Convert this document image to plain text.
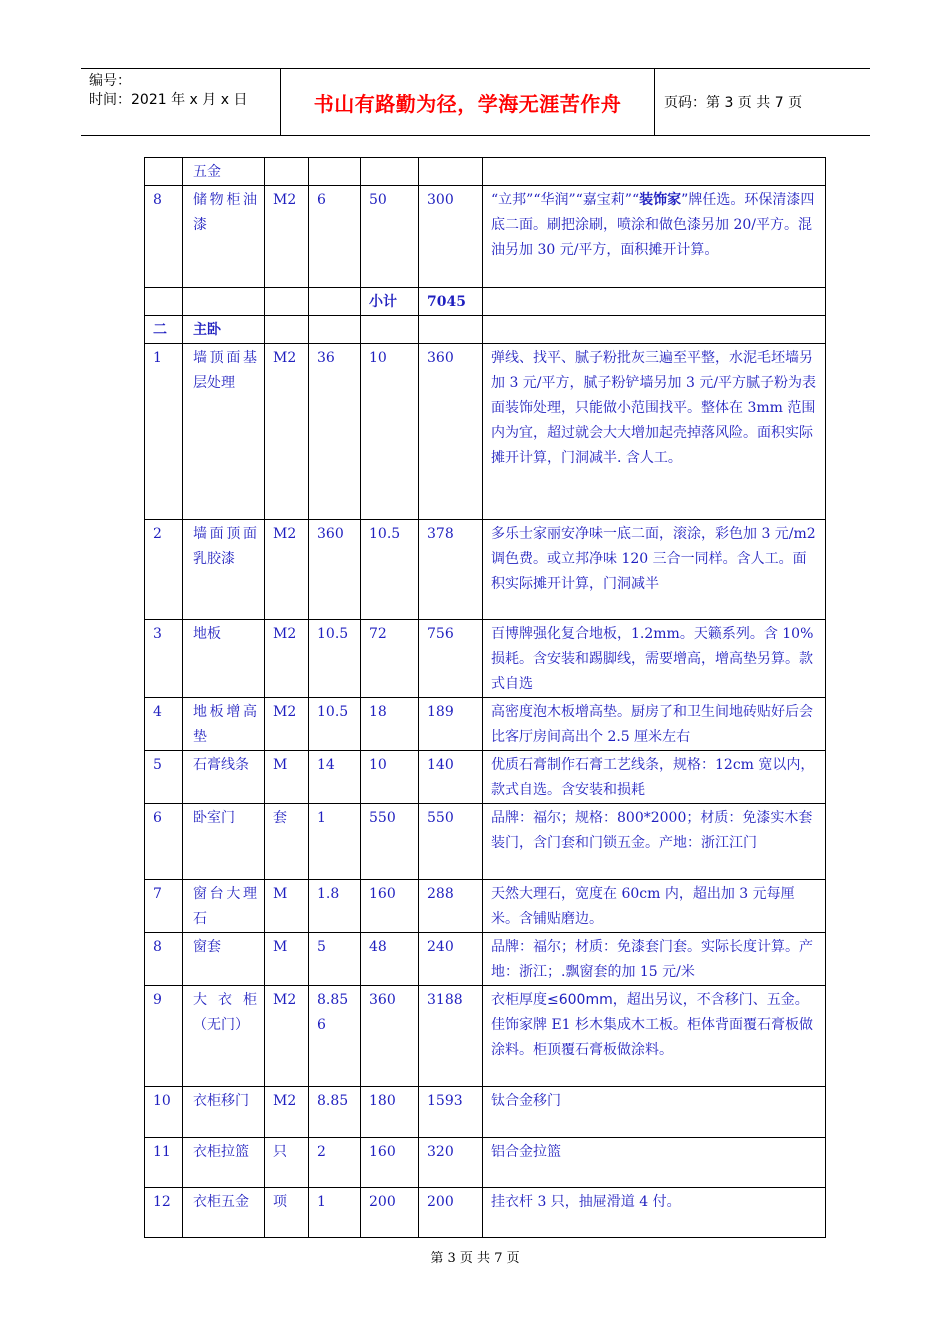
编号：
时间：2021 年 x 月 x 日	书山有路勤为径，学海无涯苦作舟	页码：第 3 页 共 7 页
	五金					
8	储物柜油漆	M2	6	50	300	“立邦”“华润”“嘉宝莉”“装饰家”牌任选。环保清漆四底二面。刷把涂刷，喷涂和做色漆另加 20/平方。混油另加 30 元/平方，面积摊开计算。
				小计	7045	
二	主卧					
1	墙顶面基层处理	M2	36	10	360	弹线、找平、腻子粉批灰三遍至平整，水泥毛坯墙另加 3 元/平方，腻子粉铲墙另加 3 元/平方腻子粉为表面装饰处理，只能做小范围找平。整体在 3mm 范围内为宜，超过就会大大增加起壳掉落风险。面积实际摊开计算，门洞减半. 含人工。
2	墙面顶面乳胶漆	M2	360	10.5	378	多乐士家丽安净味一底二面，滚涂，彩色加 3 元/m2 调色费。或立邦净味 120 三合一同样。含人工。面积实际摊开计算，门洞减半
3	地板	M2	10.5	72	756	百博牌强化复合地板，1.2mm。天籁系列。含 10%损耗。含安装和踢脚线，需要增高，增高垫另算。款式自选
4	地板增高垫	M2	10.5	18	189	高密度泡木板增高垫。厨房了和卫生间地砖贴好后会比客厅房间高出个 2.5 厘米左右
5	石膏线条	M	14	10	140	优质石膏制作石膏工艺线条，规格：12cm 宽以内，款式自选。含安装和损耗
6	卧室门	套	1	550	550	品牌：福尔；规格：800*2000；材质：免漆实木套装门，含门套和门锁五金。产地：浙江江门
7	窗台大理石	M	1.8	160	288	天然大理石，宽度在 60cm 内，超出加 3 元每厘米。含铺贴磨边。
8	窗套	M	5	48	240	品牌：福尔；材质：免漆套门套。实际长度计算。产地：浙江；.飘窗套的加 15 元/米
9	大衣柜（无门）	M2	8.856	360	3188	衣柜厚度≤600mm，超出另议，不含移门、五金。佳饰家牌 E1 杉木集成木工板。柜体背面覆石膏板做涂料。柜顶覆石膏板做涂料。
10	衣柜移门	M2	8.85	180	1593	钛合金移门
11	衣柜拉篮	只	2	160	320	铝合金拉篮
12	衣柜五金	项	1	200	200	挂衣杆 3 只，抽屉滑道 4 付。
第 3 页 共 7 页
